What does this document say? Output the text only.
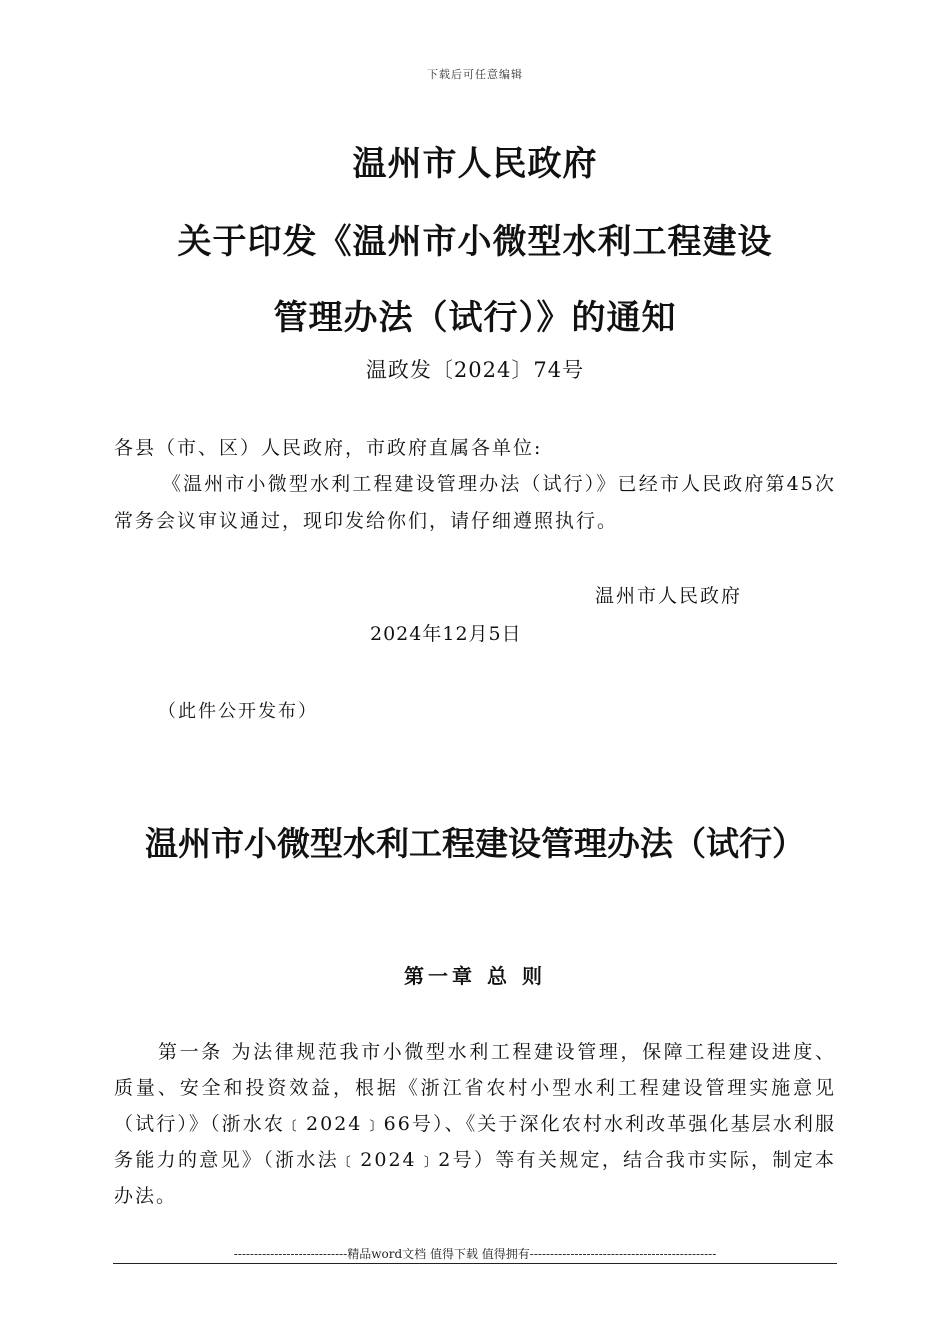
下载后可任意编辑
温州市人民政府
关于印发《温州市小微型水利工程建设
管理办法（试行）》的通知
温政发〔2024〕74号
各县（市、区）人民政府，市政府直属各单位:
《温州市小微型水利工程建设管理办法（试行）》已经市人民政府第45次常务会议审议通过，现印发给你们，请仔细遵照执行。
温州市人民政府
2024年12月5日
（此件公开发布）
温州市小微型水利工程建设管理办法（试行）
第一章 总 则
第一条 为法律规范我市小微型水利工程建设管理，保障工程建设进度、质量、安全和投资效益，根据《浙江省农村小型水利工程建设管理实施意见（试行）》（浙水农﹝2024﹞66号）、《关于深化农村水利改革强化基层水利服务能力的意见》（浙水法﹝2024﹞2号）等有关规定，结合我市实际，制定本办法。
----------------------------精品word文档 值得下载 值得拥有----------------------------------------------
